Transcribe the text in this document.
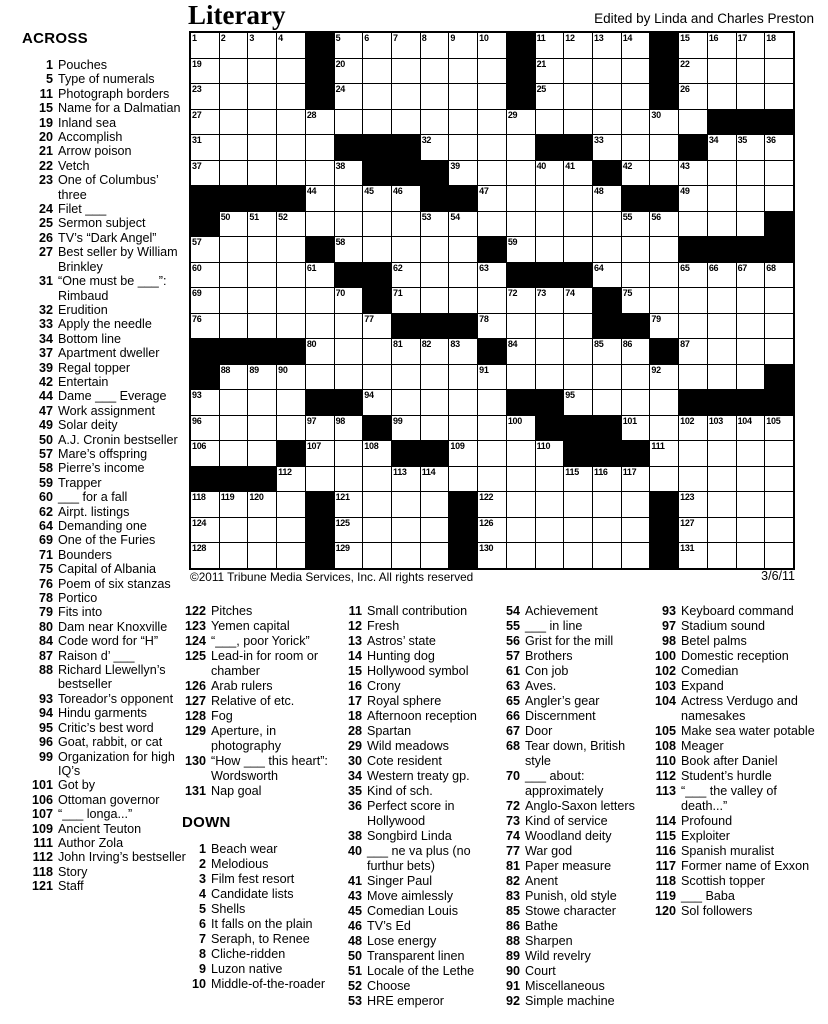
Literary	Edited by Linda and Charles Preston
ACROSS
1 Pouches
5 Type of numerals
11 Photograph borders
15 Name for a Dalmatian
19 Inland sea
20 Accomplish
21 Arrow poison
22 Vetch
23 One of Columbus’ three
24 Filet ___
25 Sermon subject
26 TV’s “Dark Angel”
27 Best seller by William Brinkley
31 “One must be ___”: Rimbaud
32 Erudition
33 Apply the needle
34 Bottom line
37 Apartment dweller
39 Regal topper
42 Entertain
44 Dame ___ Everage
47 Work assignment
49 Solar deity
50 A.J. Cronin bestseller
57 Mare’s offspring
58 Pierre’s income
59 Trapper
60 ___ for a fall
62 Airpt. listings
64 Demanding one
69 One of the Furies
71 Bounders
75 Capital of Albania
76 Poem of six stanzas
78 Portico
79 Fits into
80 Dam near Knoxville
84 Code word for “H”
87 Raison d’ ___
88 Richard Llewellyn’s bestseller
93 Toreador’s opponent
94 Hindu garments
95 Critic’s best word
96 Goat, rabbit, or cat
99 Organization for high IQ’s
101 Got by
106 Ottoman governor
107 “___ longa...”
109 Ancient Teuton
111 Author Zola
112 John Irving’s bestseller
118 Story
121 Staff
1	2	3	4	5	6	7	8	9	10	11 12 13 14	15 16 17 18
19	20	21	22
23	24	25	26
27	28	29	30
31	32	33	34 35 36
37	38	39	40 41	42	43
44	45 46	47	48	49
50 51 52	53 54	55 56
57	58	59
60	61	62	63	64	65 66 67 68
69	70	71	72 73 74	75
76	77	78	79
80	81 82 83	84	85 86	87
88 89 90	91	92
93	94	95
96	97 98	99	100	101	102 103 104 105
106	107	108	109	110	111
112	113 114	115 116 117
118 119 120	121	122	123
124	125	126	127
128	129	130	131
©2011 Tribune Media Services, Inc. All rights reserved	3/6/11
122 Pitches
123 Yemen capital
124 “___, poor Yorick”
125 Lead-in for room or chamber
126 Arab rulers
127 Relative of etc.
128 Fog
129 Aperture, in photography
130 “How ___ this heart”: Wordsworth
131 Nap goal
DOWN
1 Beach wear
2 Melodious
3 Film fest resort
4 Candidate lists
5 Shells
6 It falls on the plain
7 Seraph, to Renee
8 Cliche-ridden
9 Luzon native
10 Middle-of-the-roader
11 Small contribution
12 Fresh
13 Astros’ state
14 Hunting dog
15 Hollywood symbol
16 Crony
17 Royal sphere
18 Afternoon reception
28 Spartan
29 Wild meadows
30 Cote resident
34 Western treaty gp.
35 Kind of sch.
36 Perfect score in Hollywood
38 Songbird Linda
40 ___ ne va plus (no furthur bets)
41 Singer Paul
43 Move aimlessly
45 Comedian Louis
46 TV’s Ed
48 Lose energy
50 Transparent linen
51 Locale of the Lethe
52 Choose
53 HRE emperor
54 Achievement
55 ___ in line
56 Grist for the mill
57 Brothers
61 Con job
63 Aves.
65 Angler’s gear
66 Discernment
67 Door
68 Tear down, British style
70 ___ about: approximately
72 Anglo-Saxon letters
73 Kind of service
74 Woodland deity
77 War god
81 Paper measure
82 Anent
83 Punish, old style
85 Stowe character
86 Bathe
88 Sharpen
89 Wild revelry
90 Court
91 Miscellaneous
92 Simple machine
93 Keyboard command
97 Stadium sound
98 Betel palms
100 Domestic reception
102 Comedian
103 Expand
104 Actress Verdugo and namesakes
105 Make sea water potable
108 Meager
110 Book after Daniel
112 Student’s hurdle
113 “___ the valley of death...”
114 Profound
115 Exploiter
116 Spanish muralist
117 Former name of Exxon
118 Scottish topper
119 ___ Baba
120 Sol followers
